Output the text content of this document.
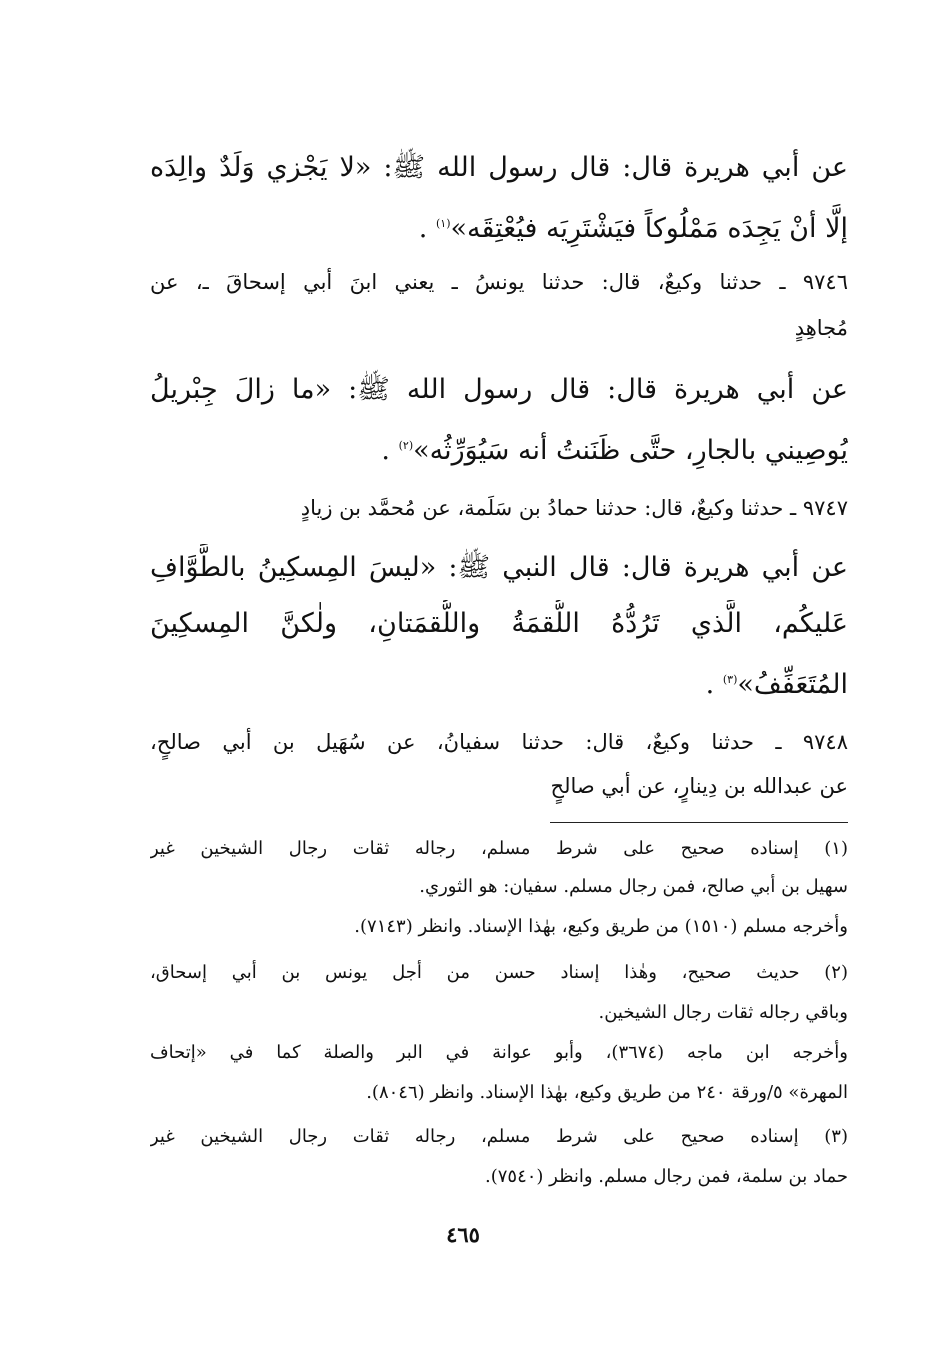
عن أبي هريرة قال: قال رسول الله ﷺ: «لا يَجْزي وَلَدٌ والِدَه
إلَّا أنْ يَجِدَه مَمْلُوكاً فيَشْتَرِيَه فيُعْتِقَه»$^{(١)}$ .
٩٧٤٦ ـ حدثنا وكيعٌ، قال: حدثنا يونسُ ـ يعني ابنَ أبي إسحاقَ ـ، عن
مُجاهِدٍ
عن أبي هريرة قال: قال رسول الله ﷺ: «ما زالَ جِبْريلُ
يُوصِيني بالجارِ، حتَّى ظَنَنتُ أنه سَيُوَرِّثُه»$^{(٢)}$ .
٩٧٤٧ ـ حدثنا وكيعٌ، قال: حدثنا حمادُ بن سَلَمة، عن مُحمَّد بن زيادٍ
عن أبي هريرة قال: قال النبي ﷺ: «ليسَ المِسكِينُ بالطَّوَّافِ
عَليكُم، الَّذي تَرُدُّهُ اللُّقمَةُ واللُّقمَتانِ، ولٰكنَّ المِسكِينَ
المُتَعَفِّفُ»$^{(٣)}$ .
٩٧٤٨ ـ حدثنا وكيعٌ، قال: حدثنا سفيانُ، عن سُهَيل بن أبي صالحٍ،
عن عبدالله بن دِينارٍ، عن أبي صالحٍ
(١) إسناده صحيح على شرط مسلم، رجاله ثقات رجال الشيخين غير
سهيل بن أبي صالح، فمن رجال مسلم. سفيان: هو الثوري.
وأخرجه مسلم (١٥١٠) من طريق وكيع، بهٰذا الإسناد. وانظر (٧١٤٣).
(٢) حديث صحيح، وهٰذا إسناد حسن من أجل يونس بن أبي إسحاق،
وباقي رجاله ثقات رجال الشيخين.
وأخرجه ابن ماجه (٣٦٧٤)، وأبو عوانة في البر والصلة كما في «إتحاف
المهرة» ٥/ورقة ٢٤٠ من طريق وكيع، بهٰذا الإسناد. وانظر (٨٠٤٦).
(٣) إسناده صحيح على شرط مسلم، رجاله ثقات رجال الشيخين غير
حماد بن سلمة، فمن رجال مسلم. وانظر (٧٥٤٠).
٤٦٥
